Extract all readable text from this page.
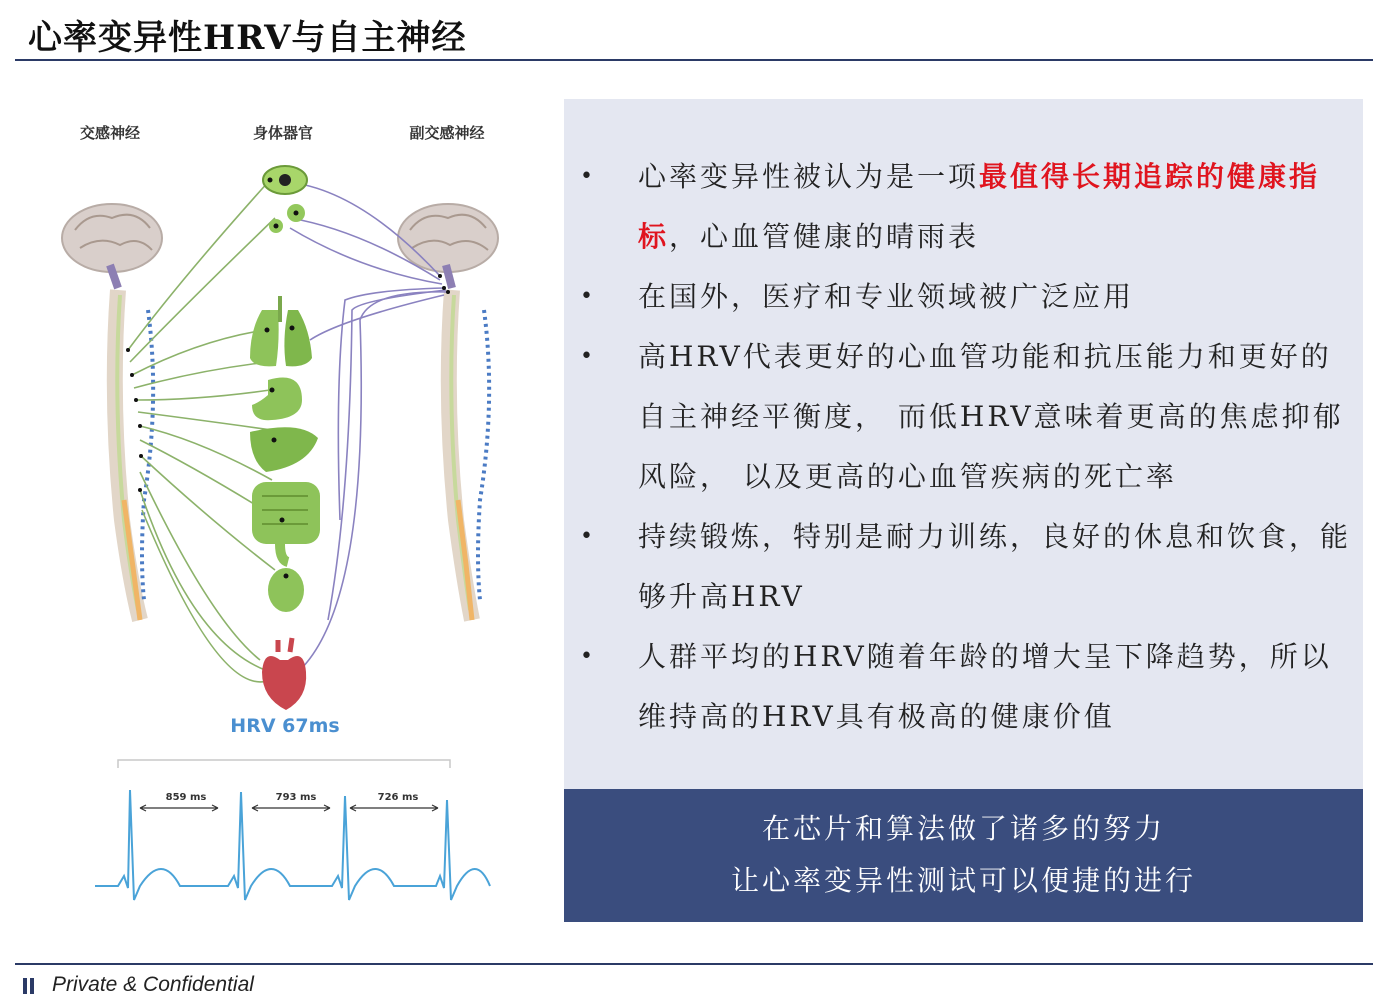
心率变异性HRV与自主神经
交感神经	身体器官	副交感神经
HRV 67ms
859 ms	793 ms	726 ms
• 心率变异性被认为是一项最值得长期追踪的健康指标，心血管健康的晴雨表
• 在国外，医疗和专业领域被广泛应用
• 高HRV代表更好的心血管功能和抗压能力和更好的自主神经平衡度， 而低HRV意味着更高的焦虑抑郁风险， 以及更高的心血管疾病的死亡率
• 持续锻炼，特别是耐力训练，良好的休息和饮食，能够升高HRV
• 人群平均的HRV随着年龄的增大呈下降趋势，所以维持高的HRV具有极高的健康价值
在芯片和算法做了诸多的努力
让心率变异性测试可以便捷的进行
Private & Confidential
